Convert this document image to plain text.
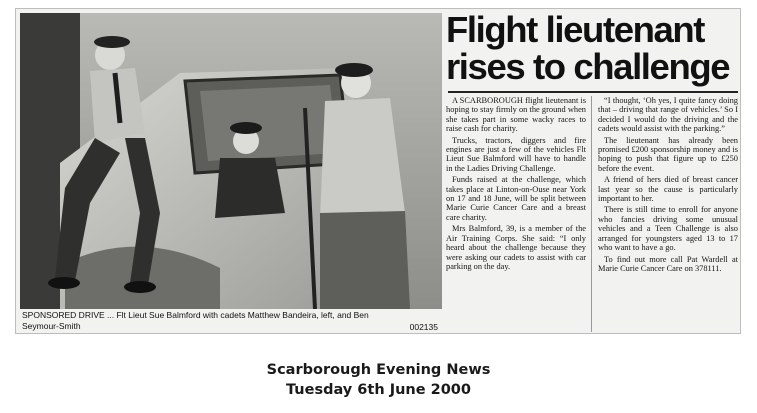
SPONSORED DRIVE ... Flt Lieut Sue Balmford with cadets Matthew Bandeira, left, and Ben Seymour-Smith	002135
Flight lieutenant
rises to challenge

A SCARBOROUGH flight lieutenant is hoping to stay firmly on the ground when she takes part in some wacky races to raise cash for charity.

Trucks, tractors, diggers and fire engines are just a few of the vehicles Flt Lieut Sue Balmford will have to handle in the Ladies Driving Challenge.

Funds raised at the challenge, which takes place at Linton-on-Ouse near York on 17 and 18 June, will be split between Marie Curie Cancer Care and a breast care charity.

Mrs Balmford, 39, is a member of the Air Training Corps. She said: “I only heard about the challenge because they were asking our cadets to assist with car parking on the day.

“I thought, ‘Oh yes, I quite fancy doing that – driving that range of vehicles.’ So I decided I would do the driving and the cadets would assist with the parking.”

The lieutenant has already been promised £200 sponsorship money and is hoping to push that figure up to £250 before the event.

A friend of hers died of breast cancer last year so the cause is particularly important to her.

There is still time to enroll for anyone who fancies driving some unusual vehicles and a Teen Challenge is also arranged for youngsters aged 13 to 17 who want to have a go.

To find out more call Pat Wardell at Marie Curie Cancer Care on 378111.

Scarborough Evening News
Tuesday 6th June 2000
